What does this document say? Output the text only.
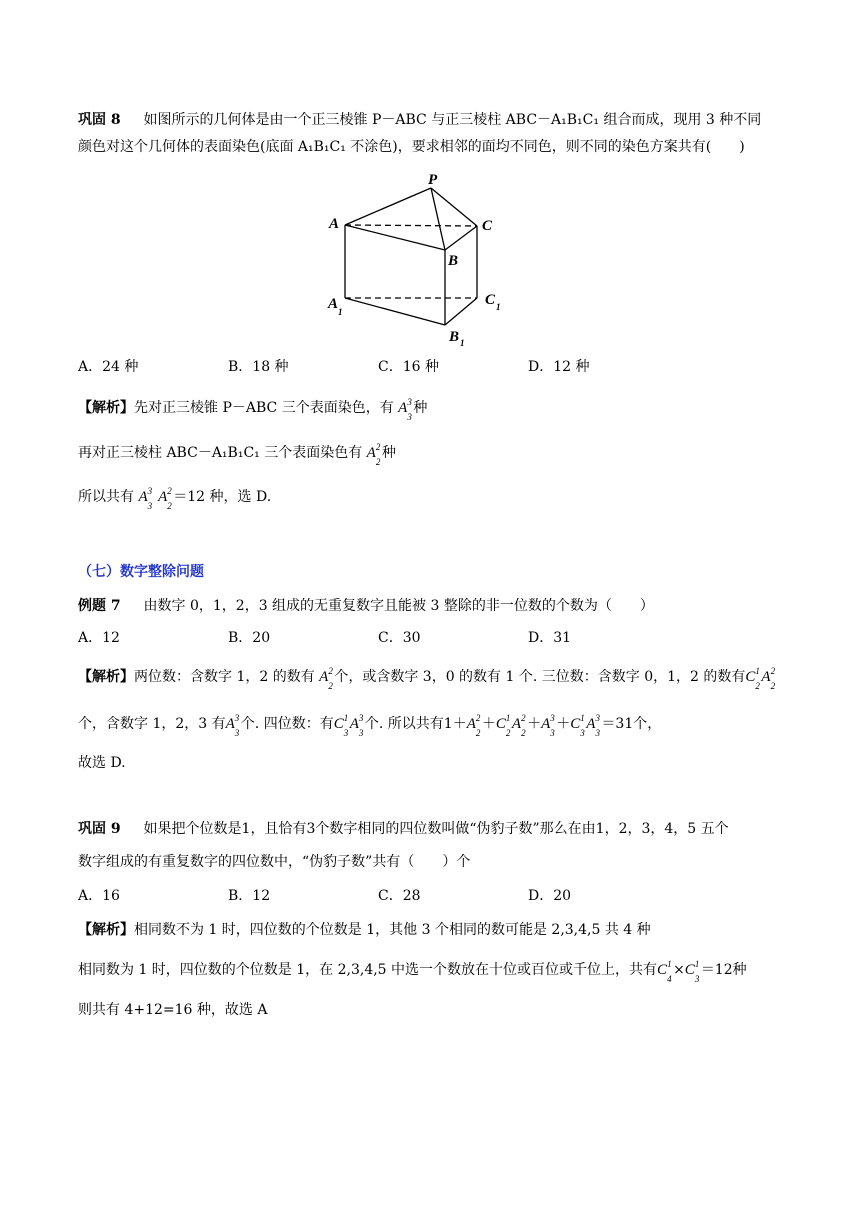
巩固 8 如图所示的几何体是由一个正三棱锥 P－ABC 与正三棱柱 ABC－A₁B₁C₁ 组合而成，现用 3 种不同
颜色对这个几何体的表面染色(底面 A₁B₁C₁ 不涂色)，要求相邻的面均不同色，则不同的染色方案共有(　　)
P
A	C
B
A 1
C 1
B 1
A．24 种	B．18 种	C．16 种	D．12 种
【解析】先对正三棱锥 P－ABC 三个表面染色，有 A 3
3
种
再对正三棱柱 ABC－A₁B₁C₁ 三个表面染色有 A 2
2
种
所以共有 A 3
3
A 2
2
＝12 种，选 D.
（七）数字整除问题
例题 7 由数字 0，1，2，3 组成的无重复数字且能被 3 整除的非一位数的个数为（　　）
A．12	B．20	C．30	D．31
【解析】两位数：含数字 1，2 的数有 A 2
2
个，或含数字 3，0 的数有 1 个. 三位数：含数字 0，1，2 的数有C 1
2
A 2
2
个，含数字 1，2，3 有A 3
3
个. 四位数：有C 1
3
A 3
3
个. 所以共有1＋A 2
2
＋C 1
2
A 2
2
＋A 3
3
＋C 1
3
A 3
3
＝31个，
故选 D.
巩固 9 如果把个位数是1，且恰有3个数字相同的四位数叫做“伪豹子数”那么在由1，2，3，4，5 五个
数字组成的有重复数字的四位数中，“伪豹子数”共有（　　）个
A．16	B．12	C．28	D．20
【解析】相同数不为 1 时，四位数的个位数是 1，其他 3 个相同的数可能是 2,3,4,5 共 4 种
相同数为 1 时，四位数的个位数是 1，在 2,3,4,5 中选一个数放在十位或百位或千位上，共有C 1
4
×C 1
3
＝12种
则共有 4+12=16 种，故选 A
